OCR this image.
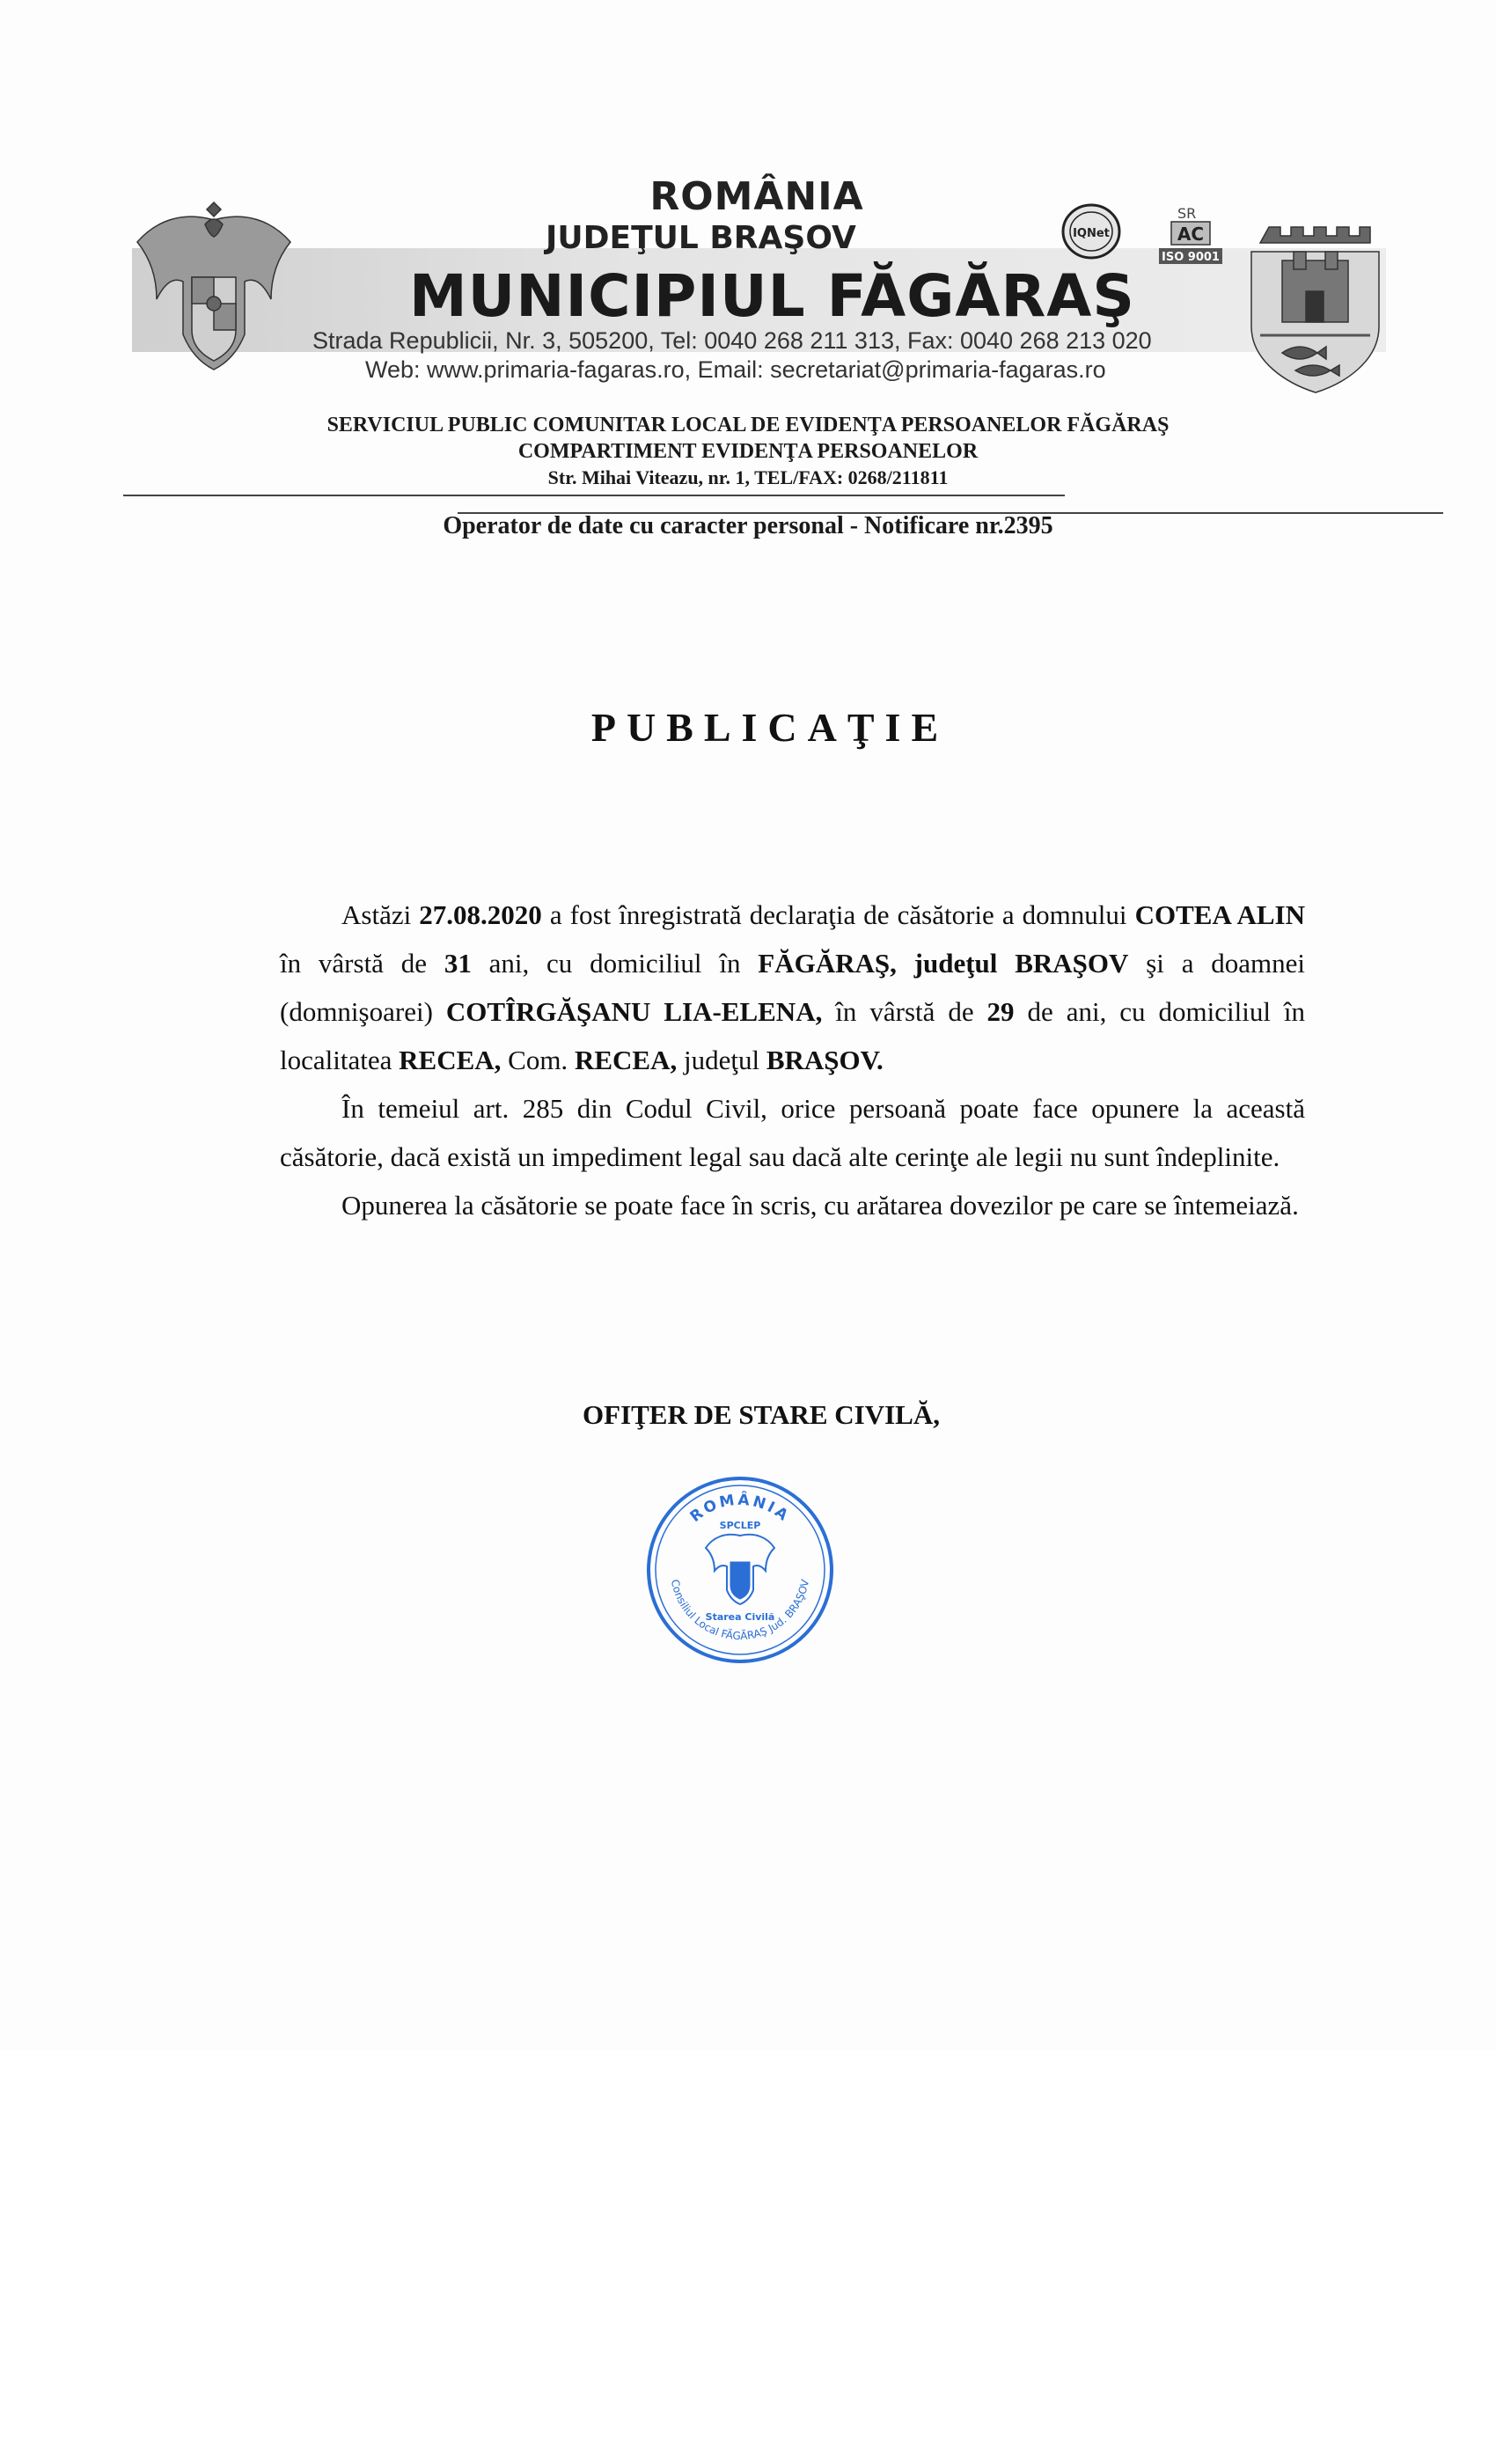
ROMÂNIA
JUDEŢUL BRAŞOV
MUNICIPIUL FĂGĂRAŞ
Strada Republicii, Nr. 3, 505200, Tel: 0040 268 211 313, Fax: 0040 268 213 020
Web: www.primaria-fagaras.ro, Email: secretariat@primaria-fagaras.ro
IQNet
SR
AC
ISO 9001
SERVICIUL PUBLIC COMUNITAR LOCAL DE EVIDENŢA PERSOANELOR FĂGĂRAŞ
COMPARTIMENT EVIDENŢA PERSOANELOR
Str. Mihai Viteazu, nr. 1, TEL/FAX: 0268/211811
Operator de date cu caracter personal - Notificare nr.2395
PUBLICAŢIE

Astăzi 27.08.2020 a fost înregistrată declaraţia de căsătorie a domnului COTEA ALIN în vârstă de 31 ani, cu domiciliul în FĂGĂRAŞ, judeţul BRAŞOV şi a doamnei (domnişoarei) COTÎRGĂŞANU LIA-ELENA, în vârstă de 29 de ani, cu domiciliul în localitatea RECEA, Com. RECEA, judeţul BRAŞOV.

În temeiul art. 285 din Codul Civil, orice persoană poate face opunere la această căsătorie, dacă există un impediment legal sau dacă alte cerinţe ale legii nu sunt îndeplinite.

Opunerea la căsătorie se poate face în scris, cu arătarea dovezilor pe care se întemeiază.

OFIŢER DE STARE CIVILĂ,
ROMÂNIA
Consiliul Local FĂGĂRAŞ Jud. BRAŞOV
SPCLEP
Starea Civilă
